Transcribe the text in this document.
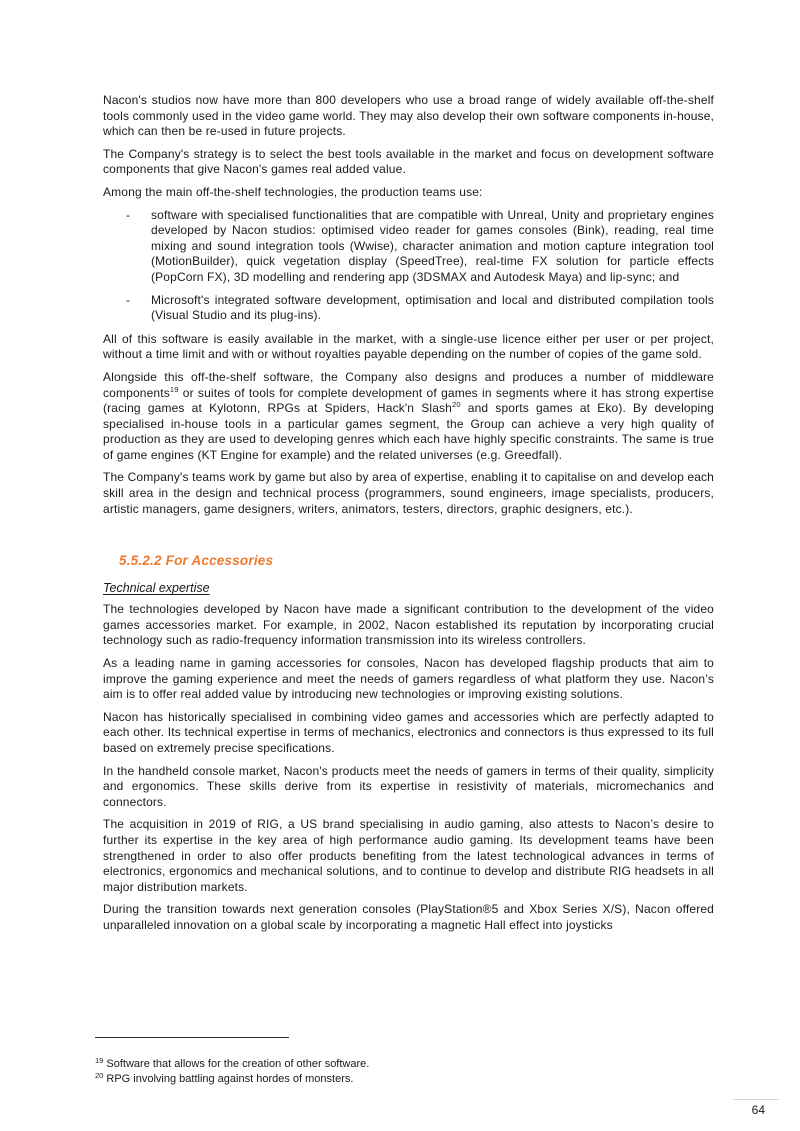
Nacon's studios now have more than 800 developers who use a broad range of widely available off-the-shelf tools commonly used in the video game world. They may also develop their own software components in-house, which can then be re-used in future projects.

The Company's strategy is to select the best tools available in the market and focus on development software components that give Nacon's games real added value.

Among the main off-the-shelf technologies, the production teams use:

- software with specialised functionalities that are compatible with Unreal, Unity and proprietary engines developed by Nacon studios: optimised video reader for games consoles (Bink), reading, real time mixing and sound integration tools (Wwise), character animation and motion capture integration tool (MotionBuilder), quick vegetation display (SpeedTree), real-time FX solution for particle effects (PopCorn FX), 3D modelling and rendering app (3DSMAX and Autodesk Maya) and lip-sync; and
- Microsoft's integrated software development, optimisation and local and distributed compilation tools (Visual Studio and its plug-ins).

All of this software is easily available in the market, with a single-use licence either per user or per project, without a time limit and with or without royalties payable depending on the number of copies of the game sold.

Alongside this off-the-shelf software, the Company also designs and produces a number of middleware components$^{19}$ or suites of tools for complete development of games in segments where it has strong expertise (racing games at Kylotonn, RPGs at Spiders, Hack'n Slash$^{20}$ and sports games at Eko). By developing specialised in-house tools in a particular games segment, the Group can achieve a very high quality of production as they are used to developing genres which each have highly specific constraints. The same is true of game engines (KT Engine for example) and the related universes (e.g. Greedfall).

The Company's teams work by game but also by area of expertise, enabling it to capitalise on and develop each skill area in the design and technical process (programmers, sound engineers, image specialists, producers, artistic managers, game designers, writers, animators, testers, directors, graphic designers, etc.).

5.5.2.2 For Accessories
Technical expertise

The technologies developed by Nacon have made a significant contribution to the development of the video games accessories market. For example, in 2002, Nacon established its reputation by incorporating crucial technology such as radio-frequency information transmission into its wireless controllers.

As a leading name in gaming accessories for consoles, Nacon has developed flagship products that aim to improve the gaming experience and meet the needs of gamers regardless of what platform they use. Nacon’s aim is to offer real added value by introducing new technologies or improving existing solutions.

Nacon has historically specialised in combining video games and accessories which are perfectly adapted to each other. Its technical expertise in terms of mechanics, electronics and connectors is thus expressed to its full based on extremely precise specifications.

In the handheld console market, Nacon's products meet the needs of gamers in terms of their quality, simplicity and ergonomics. These skills derive from its expertise in resistivity of materials, micromechanics and connectors.

The acquisition in 2019 of RIG, a US brand specialising in audio gaming, also attests to Nacon’s desire to further its expertise in the key area of high performance audio gaming. Its development teams have been strengthened in order to also offer products benefiting from the latest technological advances in terms of electronics, ergonomics and mechanical solutions, and to continue to develop and distribute RIG headsets in all major distribution markets.

During the transition towards next generation consoles (PlayStation®5 and Xbox Series X/S), Nacon offered unparalleled innovation on a global scale by incorporating a magnetic Hall effect into joysticks

$^{19}$ Software that allows for the creation of other software.
$^{20}$ RPG involving battling against hordes of monsters.
64
